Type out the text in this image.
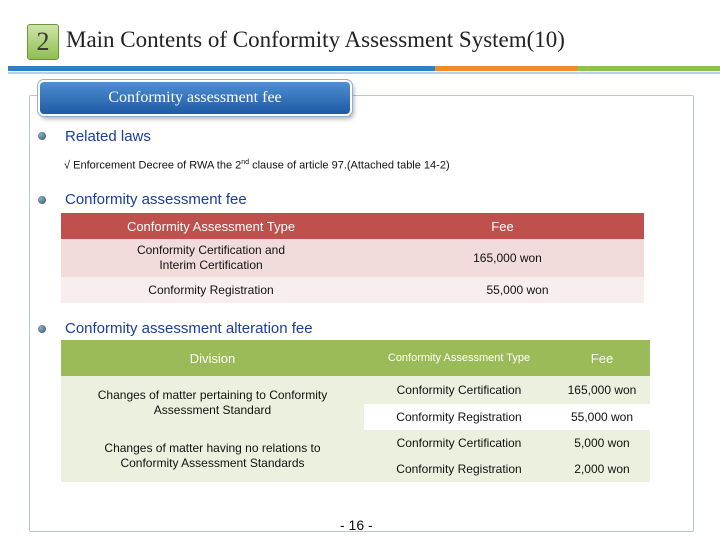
2 Main Contents of Conformity Assessment System(10)
Conformity assessment fee
Related laws
√ Enforcement Decree of RWA the 2nd clause of article 97.(Attached table 14-2)
Conformity assessment fee
Conformity Assessment Type	Fee
Conformity Certification and Interim Certification	165,000 won
Conformity Registration	55,000 won
Conformity assessment alteration fee
Division	Conformity Assessment Type	Fee
Changes of matter pertaining to Conformity Assessment Standard	Conformity Certification	165,000 won
	Conformity Registration	55,000 won
Changes of matter having no relations to Conformity Assessment Standards	Conformity Certification	5,000 won
	Conformity Registration	2,000 won
- 16 -
